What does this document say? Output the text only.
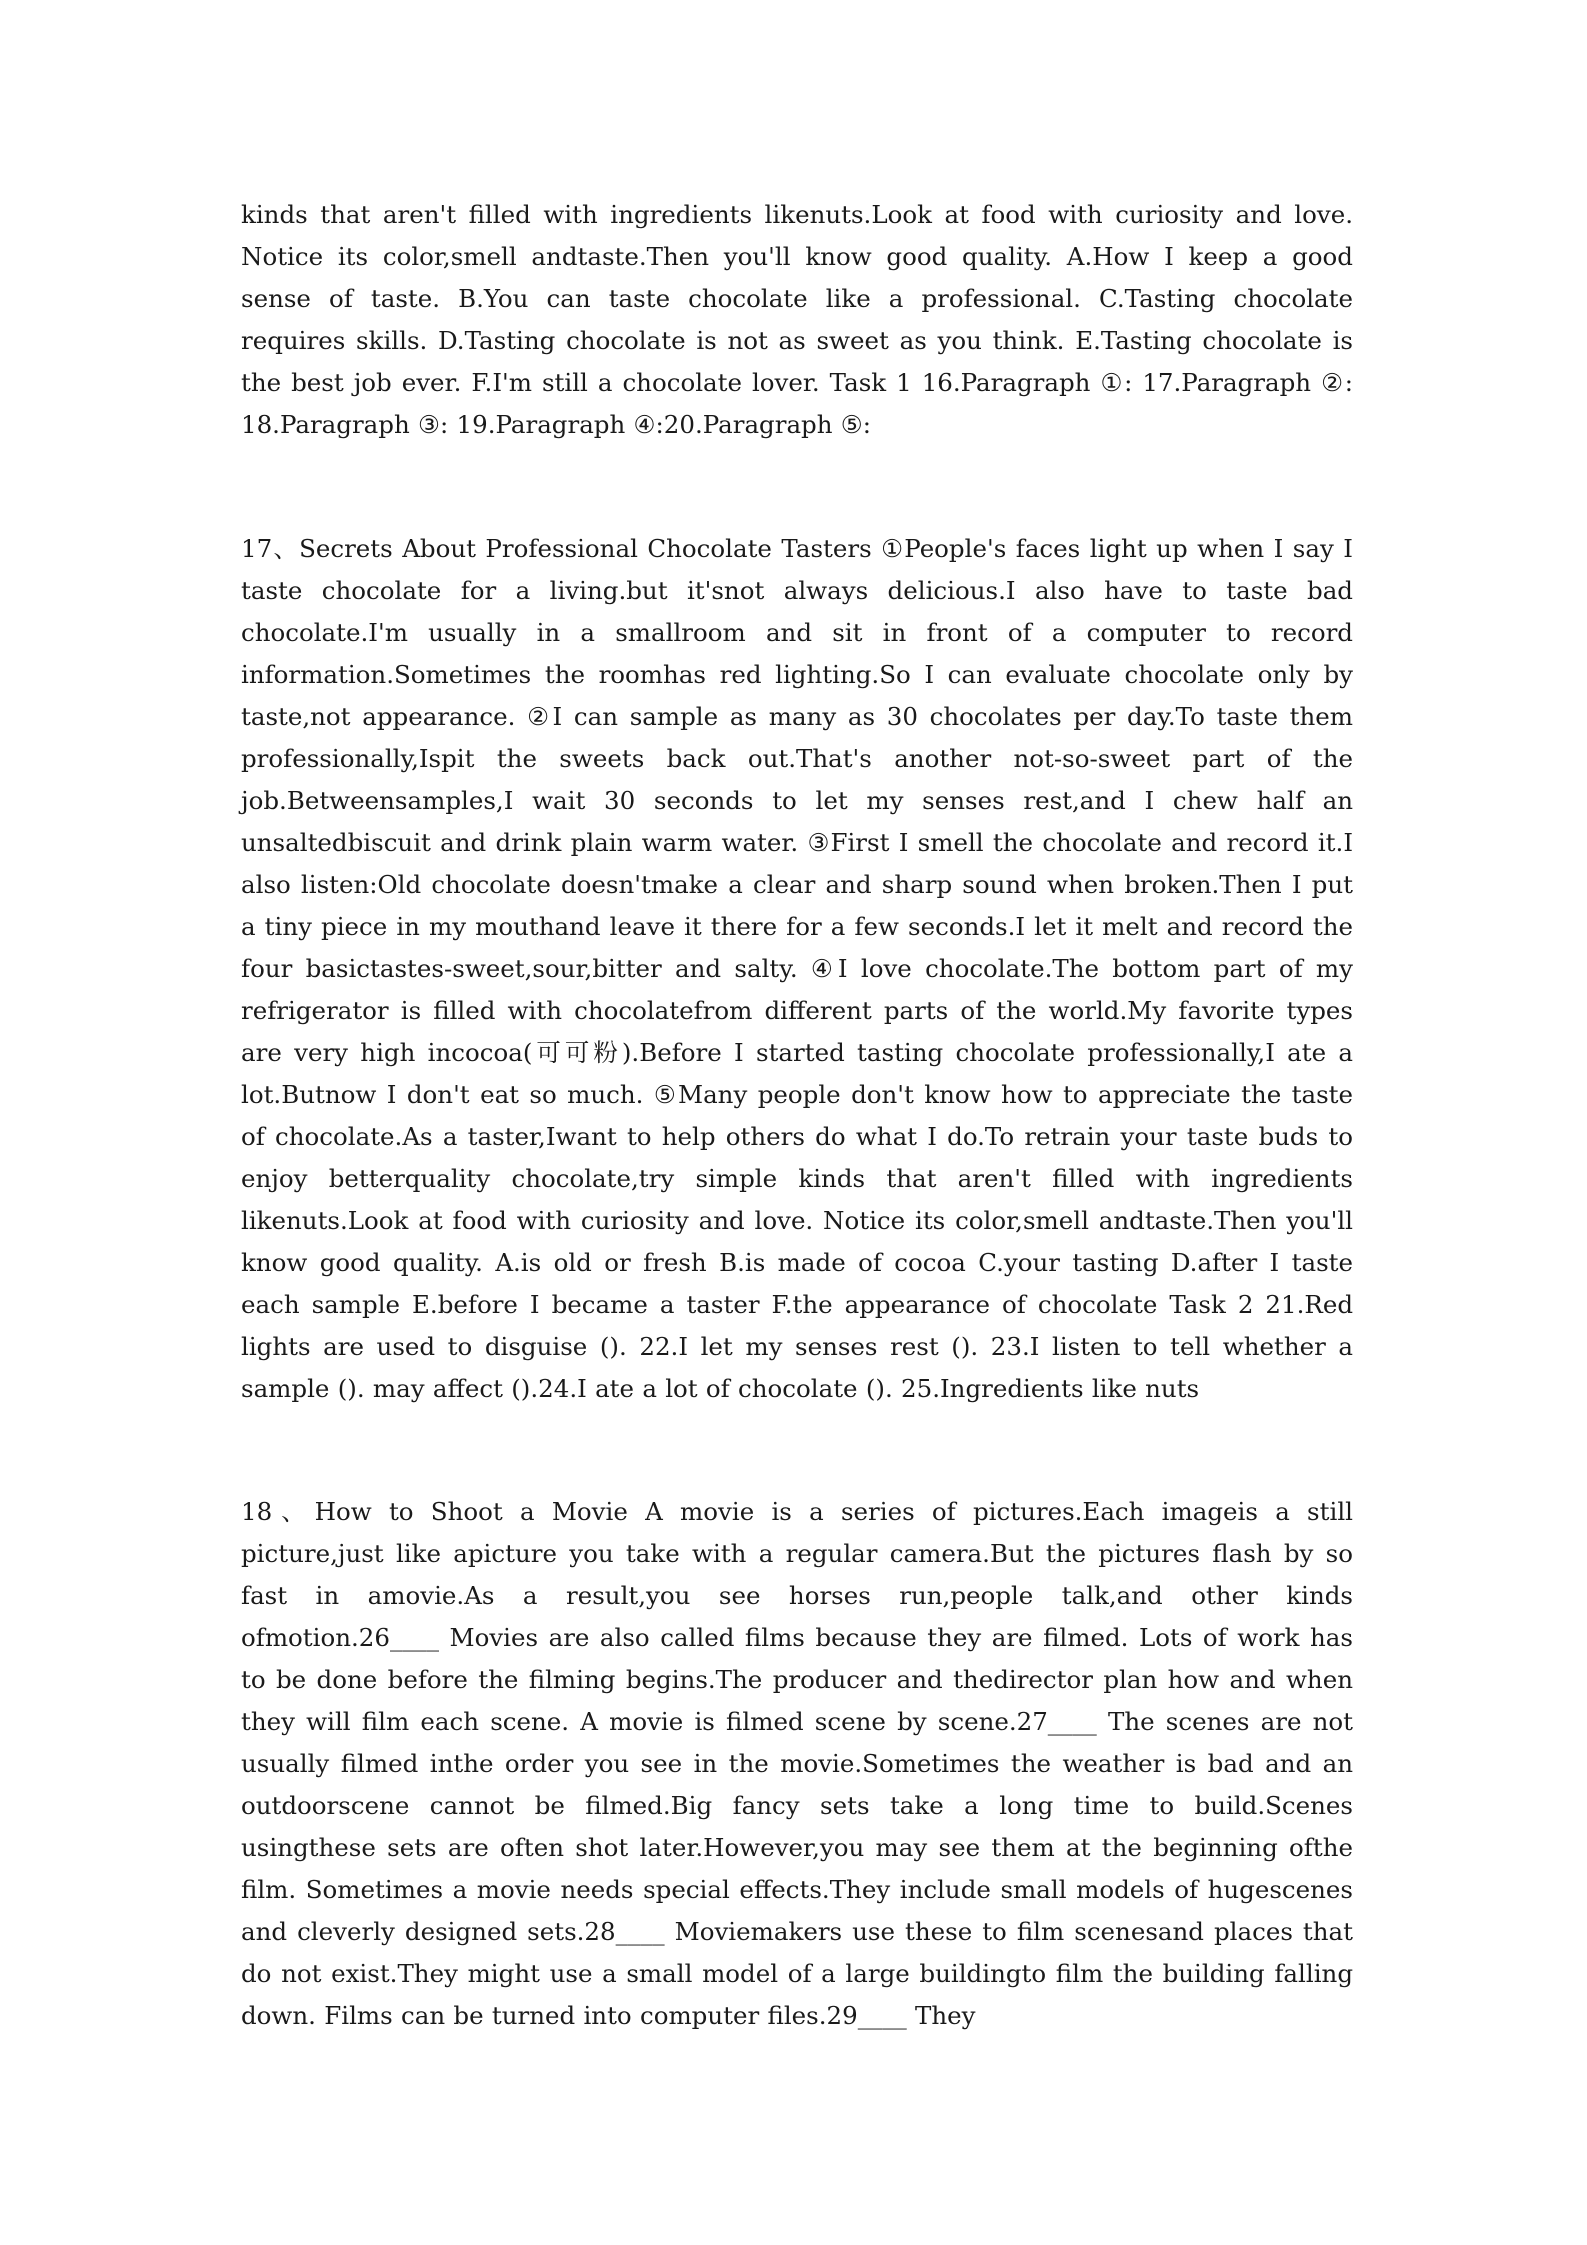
kinds that aren't filled with ingredients likenuts.Look at food with curiosity and love. Notice its color,smell andtaste.Then you'll know good quality. A.How I keep a good sense of taste. B.You can taste chocolate like a professional. C.Tasting chocolate requires skills. D.Tasting chocolate is not as sweet as you think. E.Tasting chocolate is the best job ever. F.I'm still a chocolate lover. Task 1 16.Paragraph ①: 17.Paragraph ②: 18.Paragraph ③: 19.Paragraph ④:20.Paragraph ⑤:

17、Secrets About Professional Chocolate Tasters ①People's faces light up when I say I taste chocolate for a living.but it'snot always delicious.I also have to taste bad chocolate.I'm usually in a smallroom and sit in front of a computer to record information.Sometimes the roomhas red lighting.So I can evaluate chocolate only by taste,not appearance. ②I can sample as many as 30 chocolates per day.To taste them professionally,Ispit the sweets back out.That's another not-so-sweet part of the job.Betweensamples,I wait 30 seconds to let my senses rest,and I chew half an unsaltedbiscuit and drink plain warm water. ③First I smell the chocolate and record it.I also listen:Old chocolate doesn'tmake a clear and sharp sound when broken.Then I put a tiny piece in my mouthand leave it there for a few seconds.I let it melt and record the four basictastes-sweet,sour,bitter and salty. ④I love chocolate.The bottom part of my refrigerator is filled with chocolatefrom different parts of the world.My favorite types are very high incocoa(可可粉).Before I started tasting chocolate professionally,I ate a lot.Butnow I don't eat so much. ⑤Many people don't know how to appreciate the taste of chocolate.As a taster,Iwant to help others do what I do.To retrain your taste buds to enjoy betterquality chocolate,try simple kinds that aren't filled with ingredients likenuts.Look at food with curiosity and love. Notice its color,smell andtaste.Then you'll know good quality. A.is old or fresh B.is made of cocoa C.your tasting D.after I taste each sample E.before I became a taster F.the appearance of chocolate Task 2 21.Red lights are used to disguise (). 22.I let my senses rest (). 23.I listen to tell whether a sample (). may affect ().24.I ate a lot of chocolate (). 25.Ingredients like nuts

18、How to Shoot a Movie A movie is a series of pictures.Each imageis a still picture,just like apicture you take with a regular camera.But the pictures flash by so fast in amovie.As a result,you see horses run,people talk,and other kinds ofmotion.26____ Movies are also called films because they are filmed. Lots of work has to be done before the filming begins.The producer and thedirector plan how and when they will film each scene. A movie is filmed scene by scene.27____ The scenes are not usually filmed inthe order you see in the movie.Sometimes the weather is bad and an outdoorscene cannot be filmed.Big fancy sets take a long time to build.Scenes usingthese sets are often shot later.However,you may see them at the beginning ofthe film. Sometimes a movie needs special effects.They include small models of hugescenes and cleverly designed sets.28____ Moviemakers use these to film scenesand places that do not exist.They might use a small model of a large buildingto film the building falling down. Films can be turned into computer files.29____ They
